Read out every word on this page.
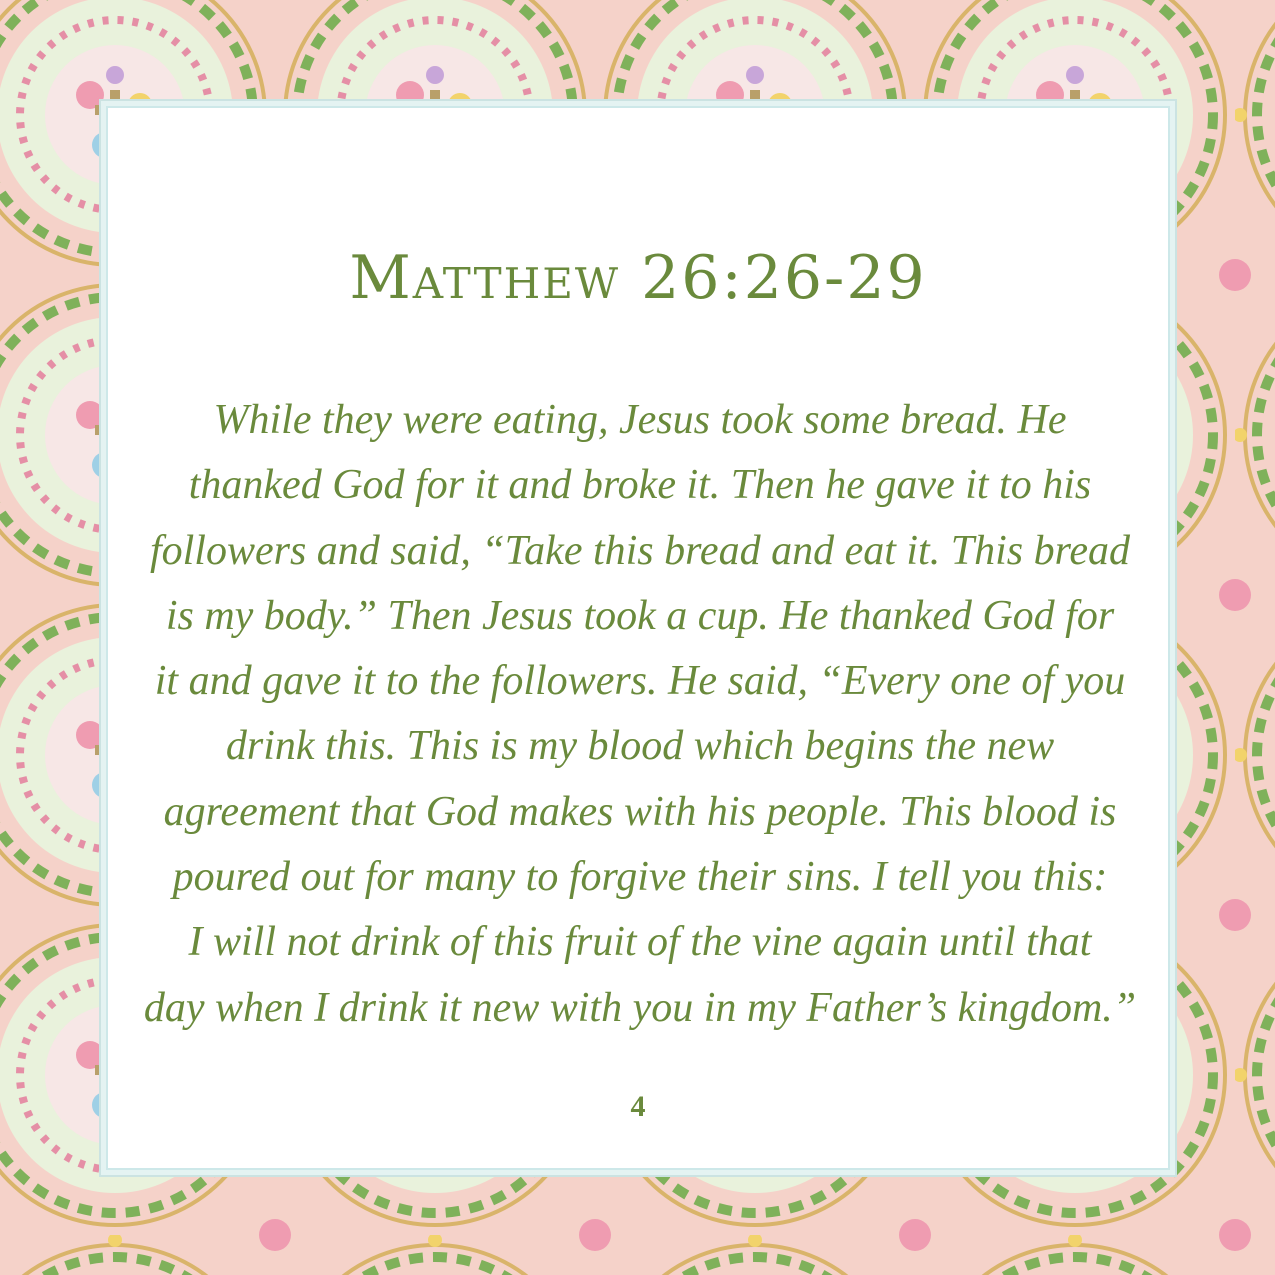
Matthew 26:26-29

While they were eating, Jesus took some bread. He
thanked God for it and broke it. Then he gave it to his
followers and said, “Take this bread and eat it. This bread
is my body.” Then Jesus took a cup. He thanked God for
it and gave it to the followers. He said, “Every one of you
drink this. This is my blood which begins the new
agreement that God makes with his people. This blood is
poured out for many to forgive their sins. I tell you this:
I will not drink of this fruit of the vine again until that
day when I drink it new with you in my Father’s kingdom.”

4
